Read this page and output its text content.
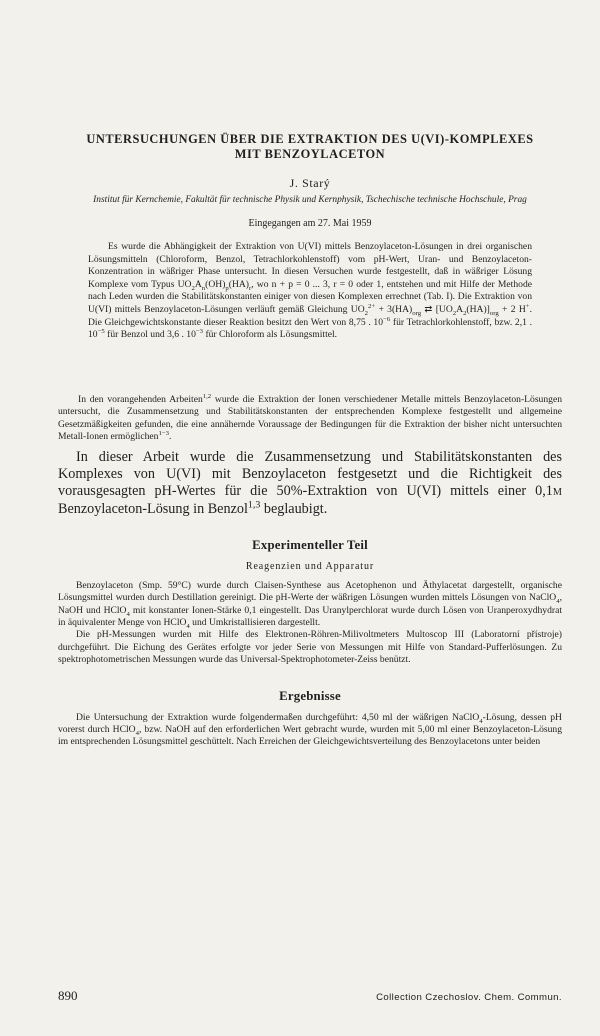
UNTERSUCHUNGEN ÜBER DIE EXTRAKTION DES U(VI)-KOMPLEXES
MIT BENZOYLACETON
J. Starý
Institut für Kernchemie, Fakultät für technische Physik und Kernphysik, Tschechische technische Hochschule, Prag
Eingegangen am 27. Mai 1959

Es wurde die Abhängigkeit der Extraktion von U(VI) mittels Benzoylaceton-Lösungen in drei organischen Lösungsmitteln (Chloroform, Benzol, Tetrachlorkohlenstoff) vom pH-Wert, Uran- und Benzoylaceton-Konzentration in wäßriger Phase untersucht. In diesen Versuchen wurde festgestellt, daß in wäßriger Lösung Komplexe vom Typus $UO_2A_n(OH)_p(HA)_r$, wo n + p = 0 ... 3, r = 0 oder 1, entstehen und mit Hilfe der Methode nach Leden wurden die Stabilitätskonstanten einiger von diesen Komplexen errechnet (Tab. I). Die Extraktion von U(VI) mittels Benzoylaceton-Lösungen verläuft gemäß Gleichung $UO_2^{2+} + 3(HA)_{org}$ ⇄ $[UO_2A_2(HA)]_{org} + 2$ H+. Die Gleichgewichtskonstante dieser Reaktion besitzt den Wert von 8,75 . $10^{-6}$ für Tetrachlorkohlenstoff, bzw. 2,1 . $10^{-5}$ für Benzol und 3,6 . $10^{-3}$ für Chloroform als Lösungsmittel.

In den vorangehenden Arbeiten$^{1,2}$ wurde die Extraktion der Ionen verschiedener Metalle mittels Benzoylaceton-Lösungen untersucht, die Zusammensetzung und Stabilitätskonstanten der entsprechenden Komplexe festgestellt und allgemeine Gesetzmäßigkeiten gefunden, die eine annähernde Voraussage der Bedingungen für die Extraktion der bisher nicht untersuchten Metall-Ionen ermöglichen$^{1-3}$.

In dieser Arbeit wurde die Zusammensetzung und Stabilitätskonstanten des Komplexes von U(VI) mit Benzoylaceton festgesetzt und die Richtigkeit des vorausgesagten pH-Wertes für die 50%-Extraktion von U(VI) mittels einer 0,1M Benzoylaceton-Lösung in Benzol$^{1,3}$ beglaubigt.

Experimenteller Teil
Reagenzien und Apparatur

Benzoylaceton (Smp. 59°C) wurde durch Claisen-Synthese aus Acetophenon und Äthylacetat dargestellt, organische Lösungsmittel wurden durch Destillation gereinigt. Die pH-Werte der wäßrigen Lösungen wurden mittels Lösungen von NaClO$_4$, NaOH und HClO$_4$ mit konstanter Ionen-Stärke 0,1 eingestellt. Das Uranylperchlorat wurde durch Lösen von Uranperoxydhydrat in äquivalenter Menge von HClO$_4$ und Umkristallisieren dargestellt.

Die pH-Messungen wurden mit Hilfe des Elektronen-Röhren-Milivoltmeters Multoscop III (Laboratorní přístroje) durchgeführt. Die Eichung des Gerätes erfolgte vor jeder Serie von Messungen mit Hilfe von Standard-Pufferlösungen. Zu spektrophotometrischen Messungen wurde das Universal-Spektrophotometer-Zeiss benützt.

Ergebnisse

Die Untersuchung der Extraktion wurde folgendermaßen durchgeführt: 4,50 ml der wäßrigen NaClO$_4$-Lösung, dessen pH vorerst durch HClO$_4$, bzw. NaOH auf den erforderlichen Wert gebracht wurde, wurden mit 5,00 ml einer Benzoylaceton-Lösung im entsprechenden Lösungsmittel geschüttelt. Nach Erreichen der Gleichgewichtsverteilung des Benzoylacetons unter beiden

890	Collection Czechoslov. Chem. Commun.
